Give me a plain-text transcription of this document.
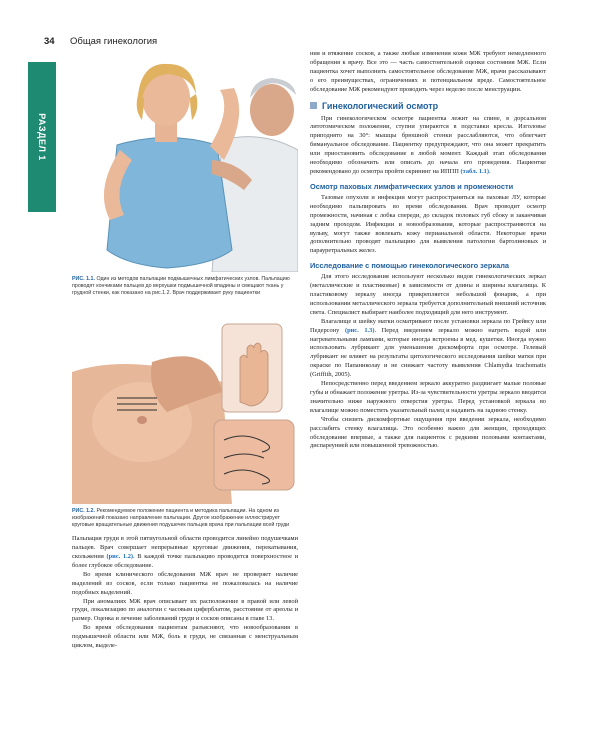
34 Общая гинекология
РАЗДЕЛ 1

РИС. 1.1. Один из методов пальпации подмышечных лимфатических узлов. Пальпацию проводят кончиками пальцев до верхушки подмышечной впадины и смещают ткань у грудной стенки, как показано на рис.1.2. Врач поддерживает руку пациентки

РИС. 1.2. Рекомендуемое положение пациента и методика пальпации. На одном из изображений показано направление пальпации. Другое изображение иллюстрирует круговые вращательные движения подушечек пальцев врача при пальпации всей груди

Пальпация груди в этой пятиугольной области проводится линейно подушечками пальцев. Врач совершает непрерывные круговые движения, перекатывания, скольжения (рис. 1.2). В каждой точке пальпацию проводится поверхностное и более глубокое обследование.

Во время клинического обследования МЖ врач не проверяет наличие выделений из сосков, если только пациентка не пожаловалась на наличие подобных выделений.

При аномалиях МЖ врач описывает их расположение в правой или левой груди, локализацию по аналогии с часовым циферблатом, расстояние от ареолы и размер. Оценка и лечение заболеваний груди и сосков описаны в главе 13.

Во время обследования пациентам разъясняют, что новообразования в подмышечной области или МЖ, боль в груди, не связанная с менструальным циклом, выделе-

ния и втяжение сосков, а также любые изменения кожи МЖ требуют немедленного обращения к врачу. Все это — часть самостоятельной оценки состояния МЖ. Если пациентка хочет выполнить самостоятельное обследование МЖ, врачи рассказывают о его преимуществах, ограничениях и потенциальном вреде. Самостоятельное обследование МЖ рекомендуют проводить через неделю после менструации.

Гинекологический осмотр

При гинекологическом осмотре пациентка лежит на спине, в дорсальном литотомическом положении, ступни упираются в подставки кресла. Изголовье приподнято на 30°: мышцы брюшной стенки расслабляются, что облегчает бимануальное обследование. Пациентку предупреждают, что она может прекратить или приостановить обследование в любой момент. Каждый этап обследования необходимо обозначить или описать до начала его проведения. Пациентке рекомендовано до осмотра пройти скрининг на ИППП (табл. 1.1).

Осмотр паховых лимфатических узлов и промежности

Тазовые опухоли и инфекции могут распространяться на паховые ЛУ, которые необходимо пальпировать во время обследования. Врач проводит осмотр промежности, начиная с лобка спереди, до складок половых губ сбоку и заканчивая задним проходом. Инфекции и новообразования, которые распространяются на вульву, могут также вовлекать кожу перианальной области. Некоторые врачи дополнительно проводят пальпацию для выявления патологии бартолиновых и парауретральных желез.

Исследование с помощью гинекологического зеркала

Для этого исследования используют несколько видов гинекологических зеркал (металлические и пластиковые) в зависимости от длины и ширины влагалища. К пластиковому зеркалу иногда прикрепляется небольшой фонарик, а при использовании металлического зеркала требуется дополнительный внешний источник света. Специалист выбирает наиболее подходящий для него инструмент.

Влагалище и шейку матки осматривают после установки зеркала по Грейвсу или Педерсону (рис. 1.3). Перед введением зеркало можно нагреть водой или нагревательными лампами, которые иногда встроены в мед. кушетки. Иногда нужно использовать лубрикант для уменьшения дискомфорта при осмотре. Гелевый лубрикант не влияет на результаты цитологического исследования шейки матки при окраске по Папаниколау и не снижает частоту выявления Chlamydia trachomatis (Griffith, 2005).

Непосредственно перед введением зеркало аккуратно раздвигает малые половые губы и обнажает положение уретры. Из-за чувствительности уретры зеркало вводится значительно ниже наружного отверстия уретры. Перед установкой зеркала во влагалище можно поместить указательный палец и надавить на заднюю стенку.

Чтобы снизить дискомфортные ощущения при введении зеркала, необходимо расслабить стенку влагалища. Это особенно важно для женщин, проходящих обследование впервые, а также для пациенток с редкими половыми контактами, диспареунией или повышенной тревожностью.
